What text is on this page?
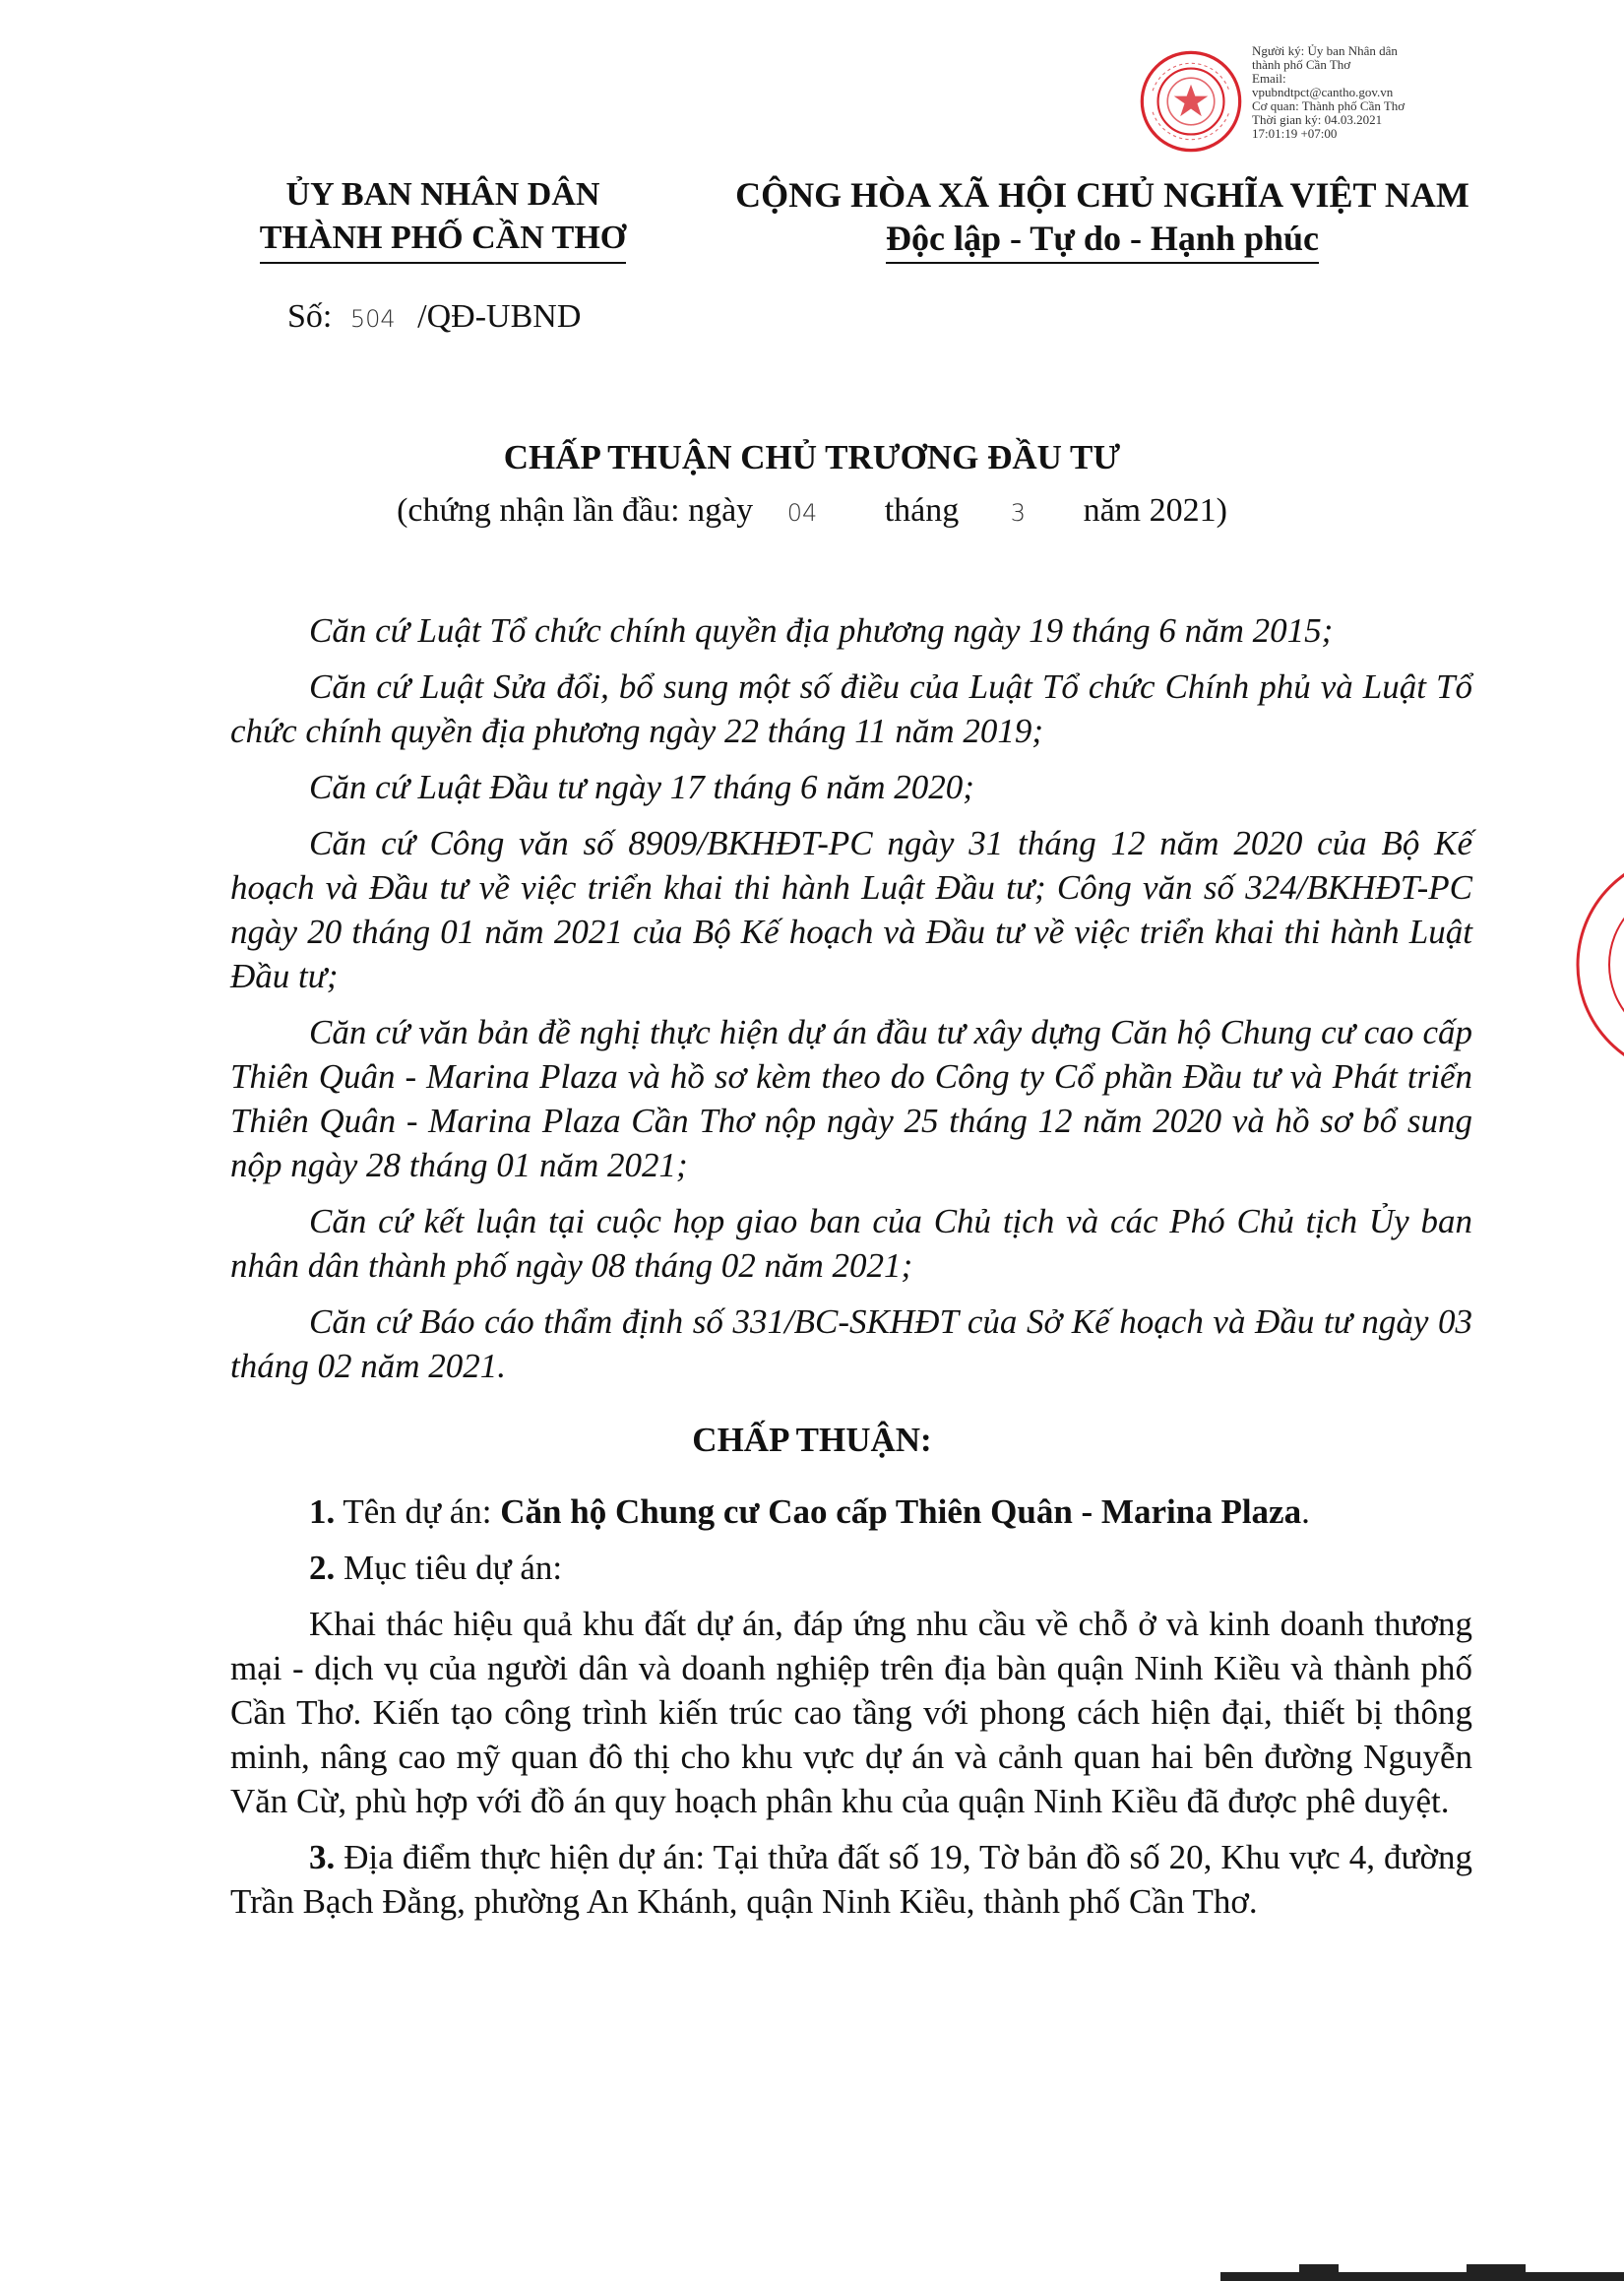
Người ký: Ủy ban Nhân dân
thành phố Cần Thơ
Email:
vpubndtpct@cantho.gov.vn
Cơ quan: Thành phố Cần Thơ
Thời gian ký: 04.03.2021
17:01:19 +07:00
ỦY BAN NHÂN DÂN
THÀNH PHỐ CẦN THƠ
CỘNG HÒA XÃ HỘI CHỦ NGHĨA VIỆT NAM
Độc lập - Tự do - Hạnh phúc
Số: 504 /QĐ-UBND
CHẤP THUẬN CHỦ TRƯƠNG ĐẦU TƯ
(chứng nhận lần đầu: ngày 04 tháng 3 năm 2021)

Căn cứ Luật Tổ chức chính quyền địa phương ngày 19 tháng 6 năm 2015;

Căn cứ Luật Sửa đổi, bổ sung một số điều của Luật Tổ chức Chính phủ và Luật Tổ chức chính quyền địa phương ngày 22 tháng 11 năm 2019;

Căn cứ Luật Đầu tư ngày 17 tháng 6 năm 2020;

Căn cứ Công văn số 8909/BKHĐT-PC ngày 31 tháng 12 năm 2020 của Bộ Kế hoạch và Đầu tư về việc triển khai thi hành Luật Đầu tư; Công văn số 324/BKHĐT-PC ngày 20 tháng 01 năm 2021 của Bộ Kế hoạch và Đầu tư về việc triển khai thi hành Luật Đầu tư;

Căn cứ văn bản đề nghị thực hiện dự án đầu tư xây dựng Căn hộ Chung cư cao cấp Thiên Quân - Marina Plaza và hồ sơ kèm theo do Công ty Cổ phần Đầu tư và Phát triển Thiên Quân - Marina Plaza Cần Thơ nộp ngày 25 tháng 12 năm 2020 và hồ sơ bổ sung nộp ngày 28 tháng 01 năm 2021;

Căn cứ kết luận tại cuộc họp giao ban của Chủ tịch và các Phó Chủ tịch Ủy ban nhân dân thành phố ngày 08 tháng 02 năm 2021;

Căn cứ Báo cáo thẩm định số 331/BC-SKHĐT của Sở Kế hoạch và Đầu tư ngày 03 tháng 02 năm 2021.

CHẤP THUẬN:

1. Tên dự án: Căn hộ Chung cư Cao cấp Thiên Quân - Marina Plaza.

2. Mục tiêu dự án:

Khai thác hiệu quả khu đất dự án, đáp ứng nhu cầu về chỗ ở và kinh doanh thương mại - dịch vụ của người dân và doanh nghiệp trên địa bàn quận Ninh Kiều và thành phố Cần Thơ. Kiến tạo công trình kiến trúc cao tầng với phong cách hiện đại, thiết bị thông minh, nâng cao mỹ quan đô thị cho khu vực dự án và cảnh quan hai bên đường Nguyễn Văn Cừ, phù hợp với đồ án quy hoạch phân khu của quận Ninh Kiều đã được phê duyệt.

3. Địa điểm thực hiện dự án: Tại thửa đất số 19, Tờ bản đồ số 20, Khu vực 4, đường Trần Bạch Đằng, phường An Khánh, quận Ninh Kiều, thành phố Cần Thơ.
